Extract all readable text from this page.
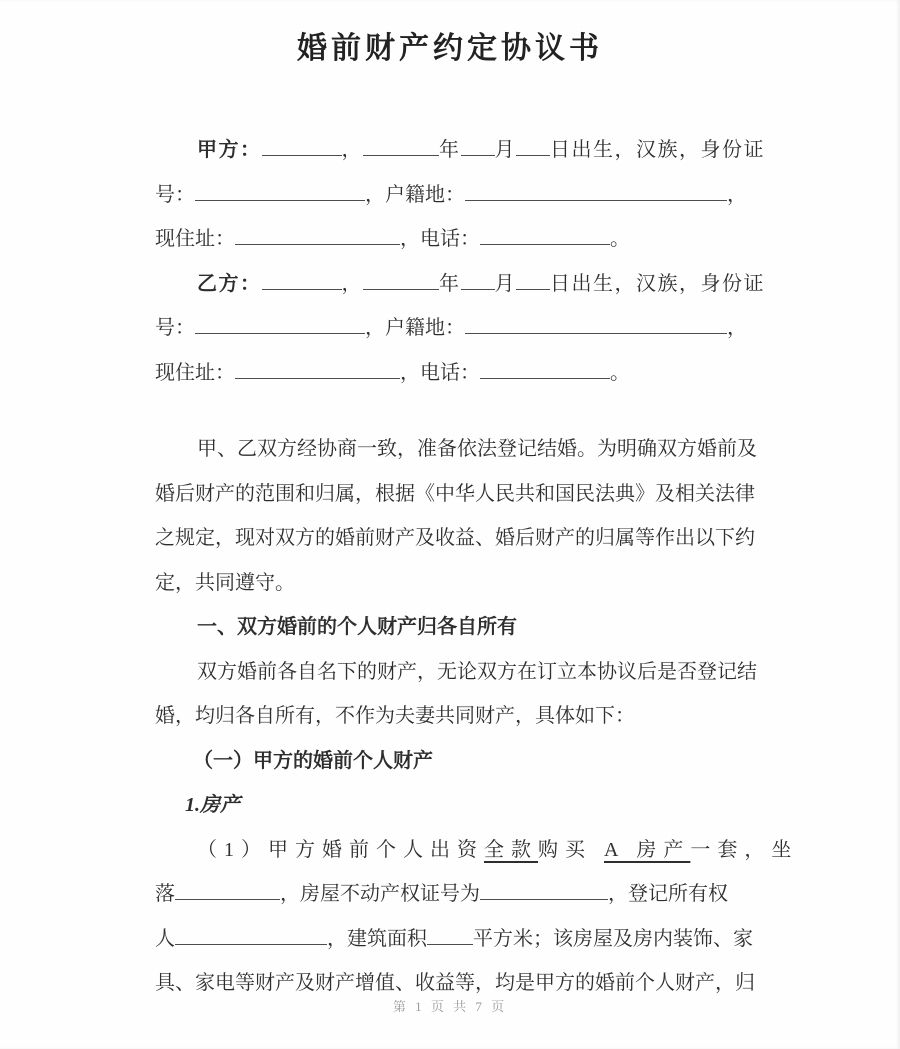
婚前财产约定协议书
甲方：	，	年 月 日出生，汉族，身份证
号：	，户籍地：	，
现住址：	，电话：	。
乙方：	，	年 月 日出生，汉族，身份证
号：	，户籍地：	，
现住址：	，电话：	。
甲、乙双方经协商一致，准备依法登记结婚。为明确双方婚前及
婚后财产的范围和归属，根据《中华人民共和国民法典》及相关法律
之规定，现对双方的婚前财产及收益、婚后财产的归属等作出以下约
定，共同遵守。
一、双方婚前的个人财产归各自所有
双方婚前各自名下的财产，无论双方在订立本协议后是否登记结
婚，均归各自所有，不作为夫妻共同财产，具体如下：
（一）甲方的婚前个人财产
1.房产
（1）甲方婚前个人出资全款购买 A 房产一套，坐
落	，房屋不动产权证号为	，登记所有权
人	，建筑面积 平方米；该房屋及房内装饰、家
具、家电等财产及财产增值、收益等，均是甲方的婚前个人财产，归
第 1 页 共 7 页
